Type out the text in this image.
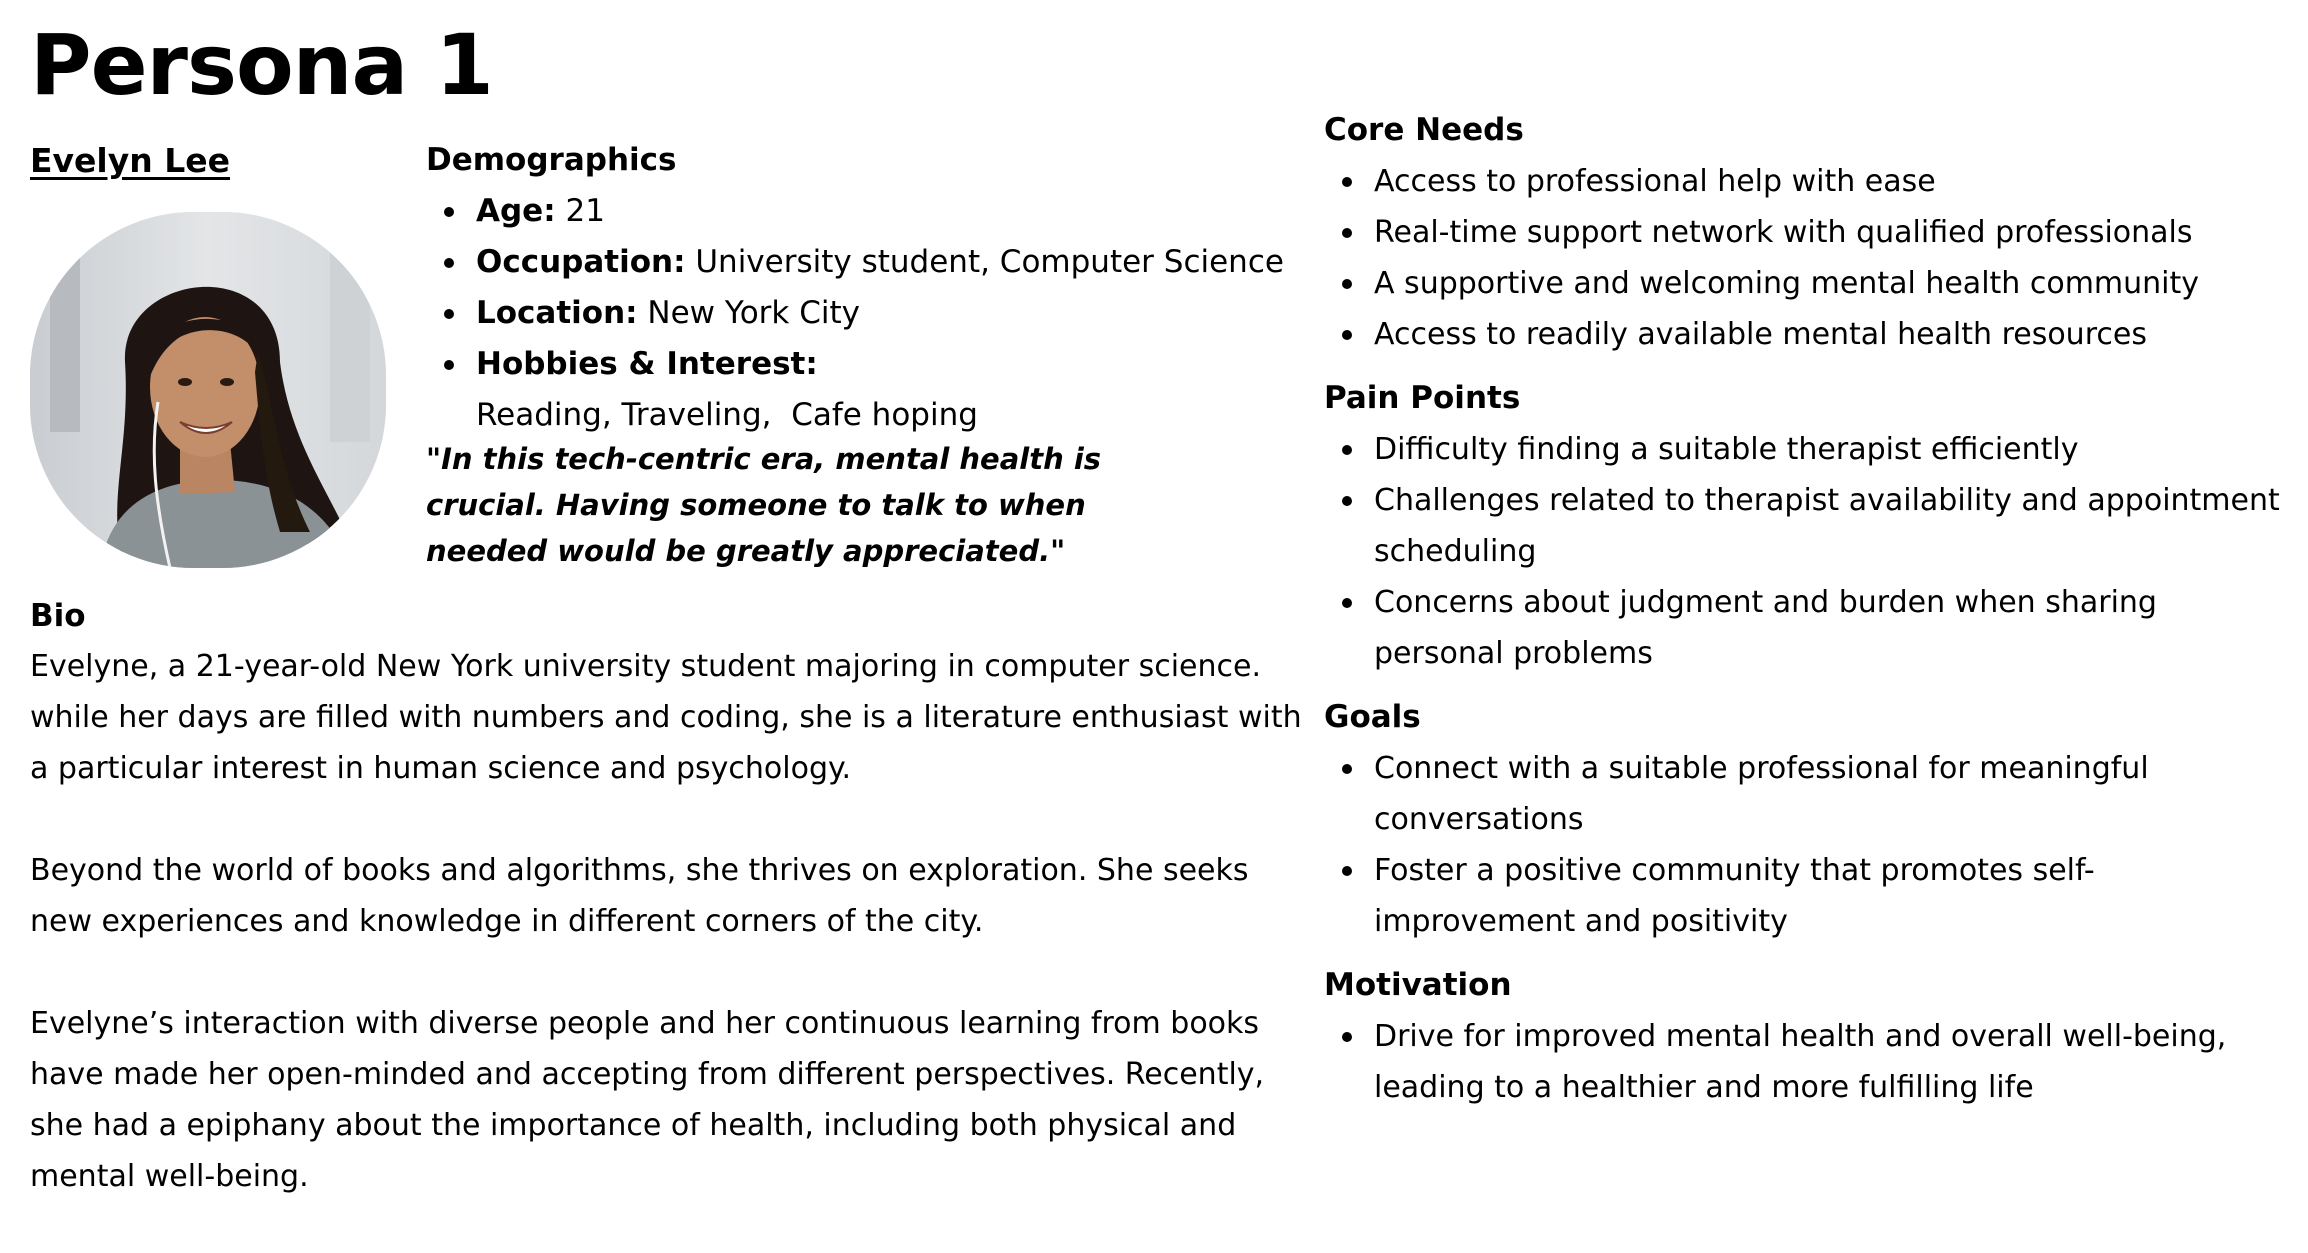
Persona 1
Evelyn Lee	Demographics
Age: 21
Occupation: University student, Computer Science
Location: New York City
Hobbies & Interest: Reading, Traveling,  Cafe hoping

"In this tech-centric era, mental health is crucial. Having someone to talk to when needed would be greatly appreciated."

Bio

Evelyne, a 21-year-old New York university student majoring in computer science. while her days are filled with numbers and coding, she is a literature enthusiast with a particular interest in human science and psychology.

Beyond the world of books and algorithms, she thrives on exploration. She seeks new experiences and knowledge in different corners of the city.

Evelyne’s interaction with diverse people and her continuous learning from books have made her open-minded and accepting from different perspectives. Recently, she had a epiphany about the importance of health, including both physical and mental well-being.

Core Needs
Access to professional help with ease
Real-time support network with qualified professionals
A supportive and welcoming mental health community
Access to readily available mental health resources
Pain Points
Difficulty finding a suitable therapist efficiently
Challenges related to therapist availability and appointment scheduling
Concerns about judgment and burden when sharing personal problems
Goals
Connect with a suitable professional for meaningful conversations
Foster a positive community that promotes self-improvement and positivity
Motivation
Drive for improved mental health and overall well-being, leading to a healthier and more fulfilling life
